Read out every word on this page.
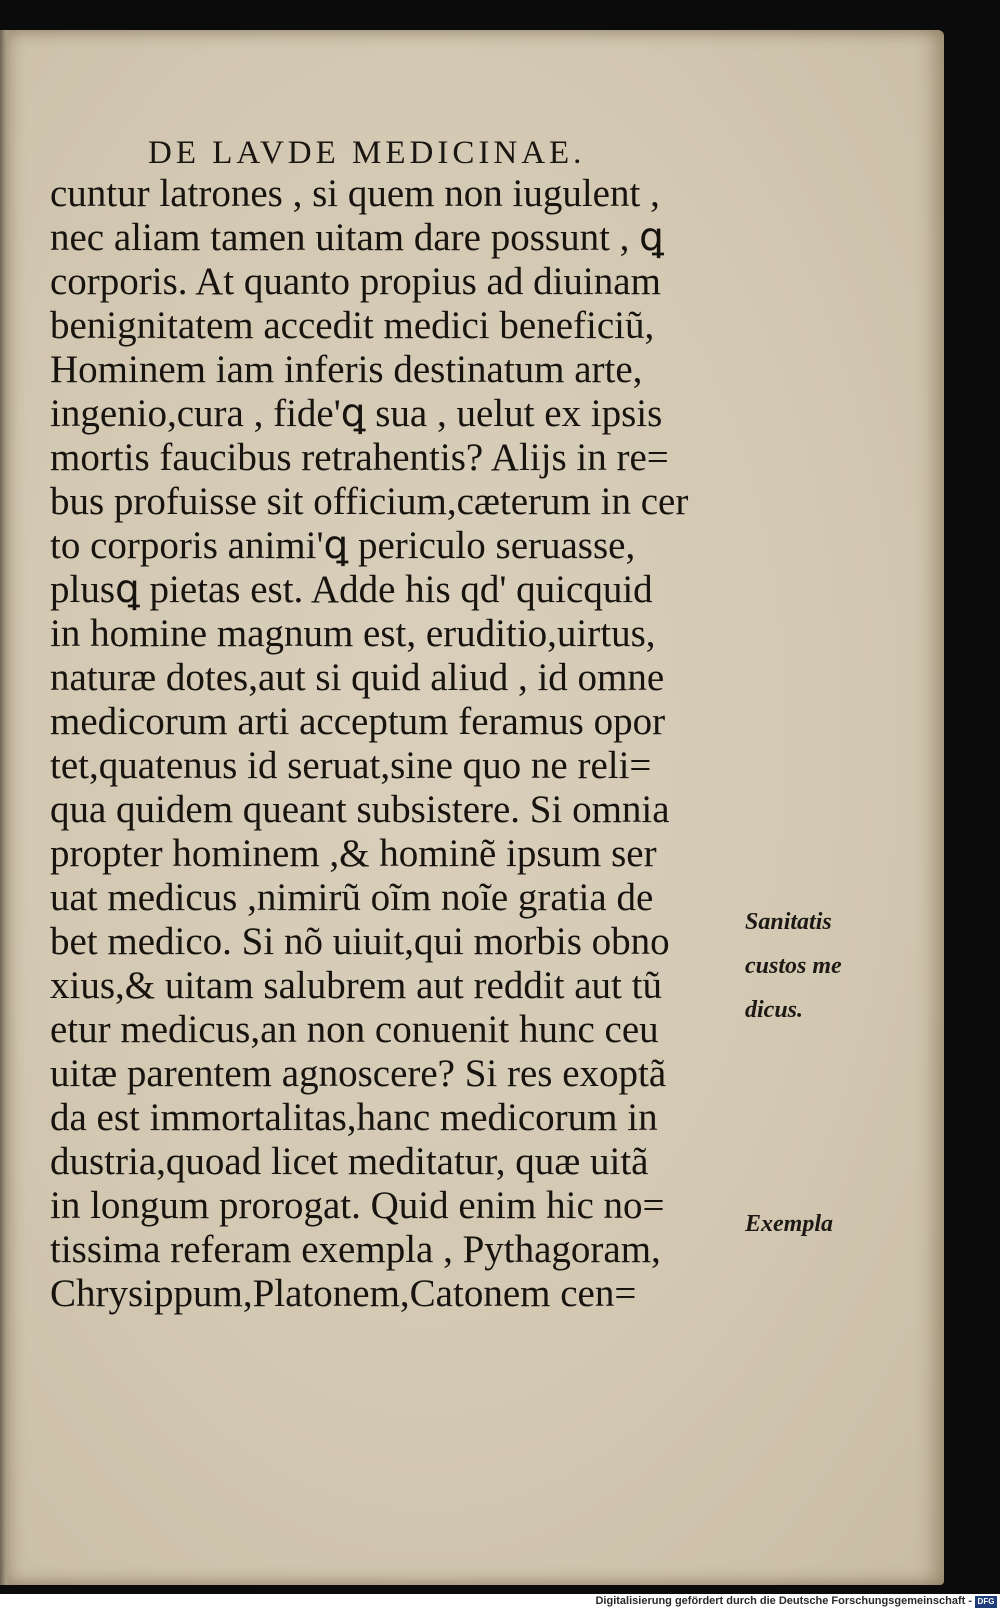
DE LAVDE MEDICINAE.
cuntur latrones , si quem non iugulent ,
nec aliam tamen uitam dare possunt , ꝗ
corporis. At quanto propius ad diuinam
benignitatem accedit medici beneficiũ,
Hominem iam inferis destinatum arte,
ingenio,cura , fide'ꝗ sua , uelut ex ipsis
mortis faucibus retrahentis? Alijs in re=
bus profuisse sit officium,cæterum in cer
to corporis animi'ꝗ periculo seruasse,
plusꝗ pietas est. Adde his qd' quicquid
in homine magnum est, eruditio,uirtus,
naturæ dotes,aut si quid aliud , id omne
medicorum arti acceptum feramus opor
tet,quatenus id seruat,sine quo ne reli=
qua quidem queant subsistere. Si omnia
propter hominem ,& hominẽ ipsum ser
uat medicus ,nimirũ oĩm noĩe gratia de
bet medico. Si nõ uiuit,qui morbis obno
xius,& uitam salubrem aut reddit aut tũ
etur medicus,an non conuenit hunc ceu
uitæ parentem agnoscere? Si res exoptã
da est immortalitas,hanc medicorum in
dustria,quoad licet meditatur, quæ uitã
in longum prorogat. Quid enim hic no=
tissima referam exempla , Pythagoram,
Chrysippum,Platonem,Catonem cen=
Sanitatis
custos me
dicus.
Exempla
Digitalisierung gefördert durch die Deutsche Forschungsgemeinschaft - DFG
